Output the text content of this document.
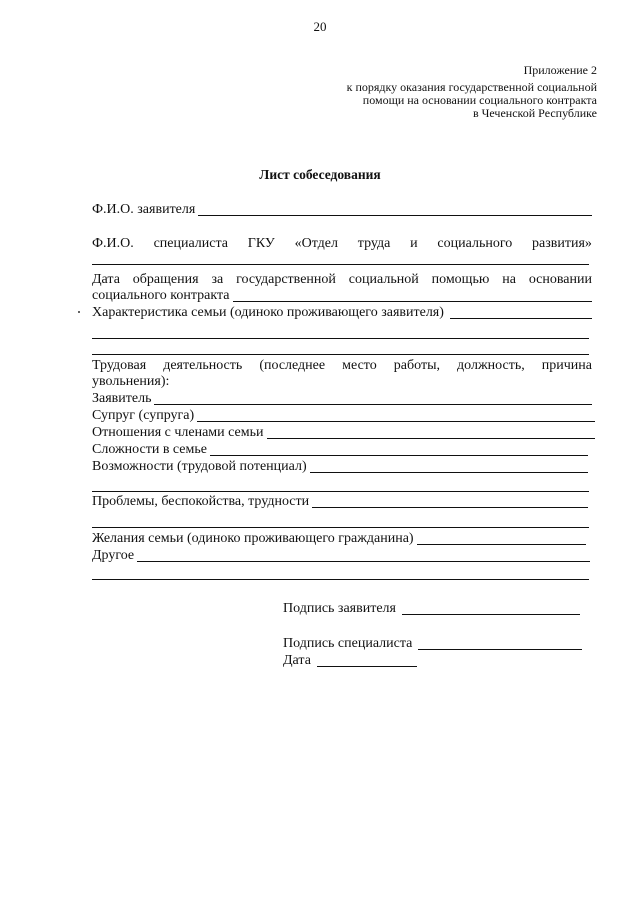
20
Приложение 2
к порядку оказания государственной социальной
помощи на основании социального контракта
в Чеченской Республике
Лист собеседования
Ф.И.О. заявителя
Ф.И.О. специалиста ГКУ «Отдел труда и социального развития»
Дата обращения за государственной социальной помощью на основании
социального контракта
Характеристика семьи (одиноко проживающего заявителя)
Трудовая деятельность (последнее место работы, должность, причина
увольнения):
Заявитель
Супруг (супруга)
Отношения с членами семьи
Сложности в семье
Возможности (трудовой потенциал)
Проблемы, беспокойства, трудности
Желания семьи (одиноко проживающего гражданина)
Другое
Подпись заявителя
Подпись специалиста
Дата
